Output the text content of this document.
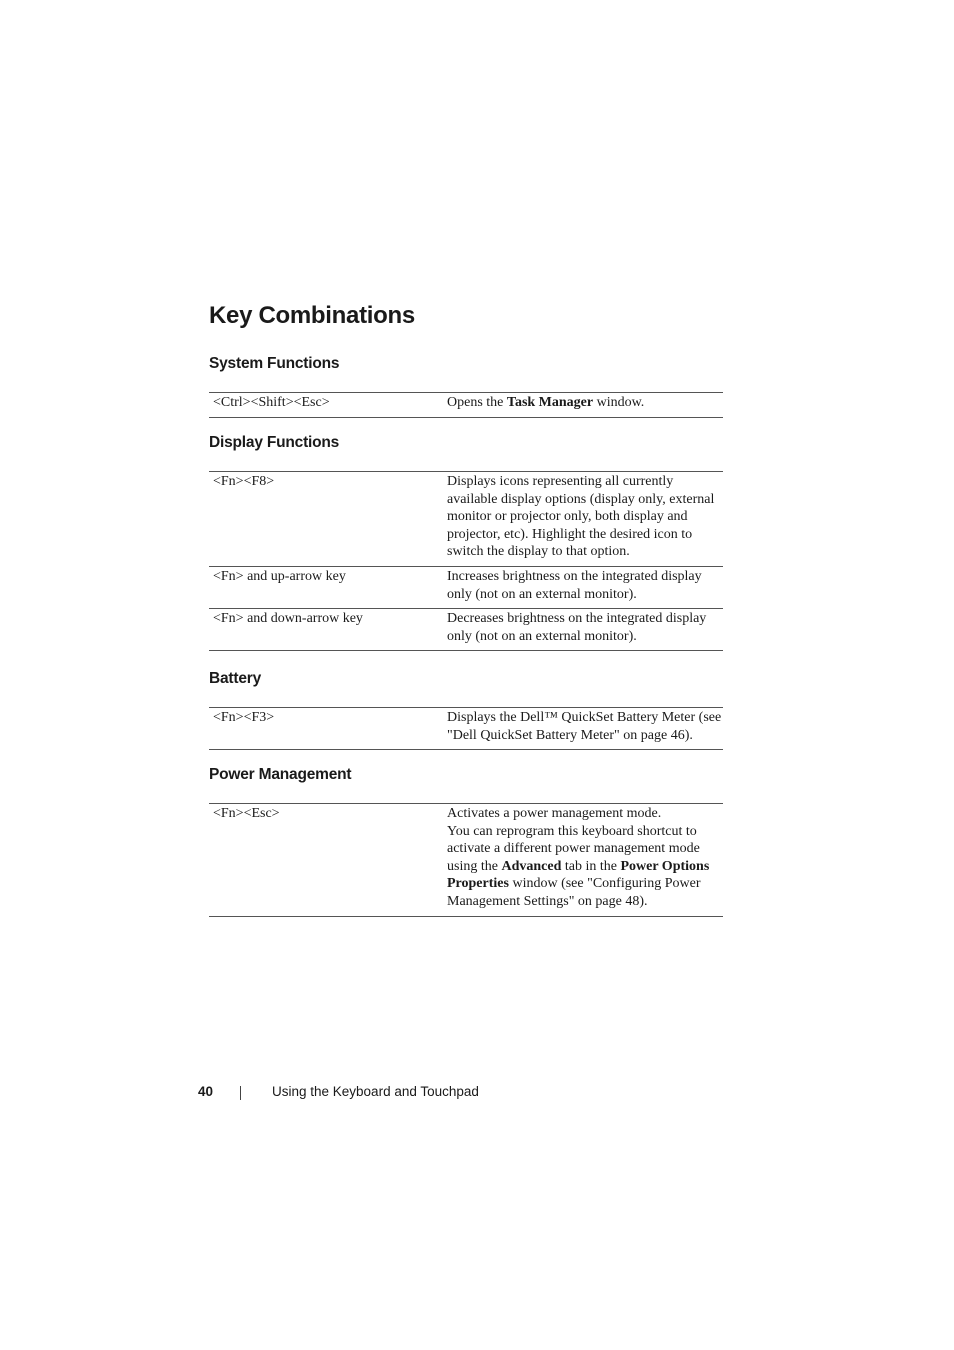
Key Combinations
System Functions
<Ctrl><Shift><Esc>	Opens the Task Manager window.
Display Functions
<Fn><F8>	Displays icons representing all currently available display options (display only, external monitor or projector only, both display and projector, etc). Highlight the desired icon to switch the display to that option.
<Fn> and up-arrow key	Increases brightness on the integrated display only (not on an external monitor).
<Fn> and down-arrow key	Decreases brightness on the integrated display only (not on an external monitor).
Battery
<Fn><F3>	Displays the Dell™ QuickSet Battery Meter (see "Dell QuickSet Battery Meter" on page 46).
Power Management
<Fn><Esc>	Activates a power management mode.
You can reprogram this keyboard shortcut to activate a different power management mode using the Advanced tab in the Power Options Properties window (see "Configuring Power Management Settings" on page 48).
40	Using the Keyboard and Touchpad
